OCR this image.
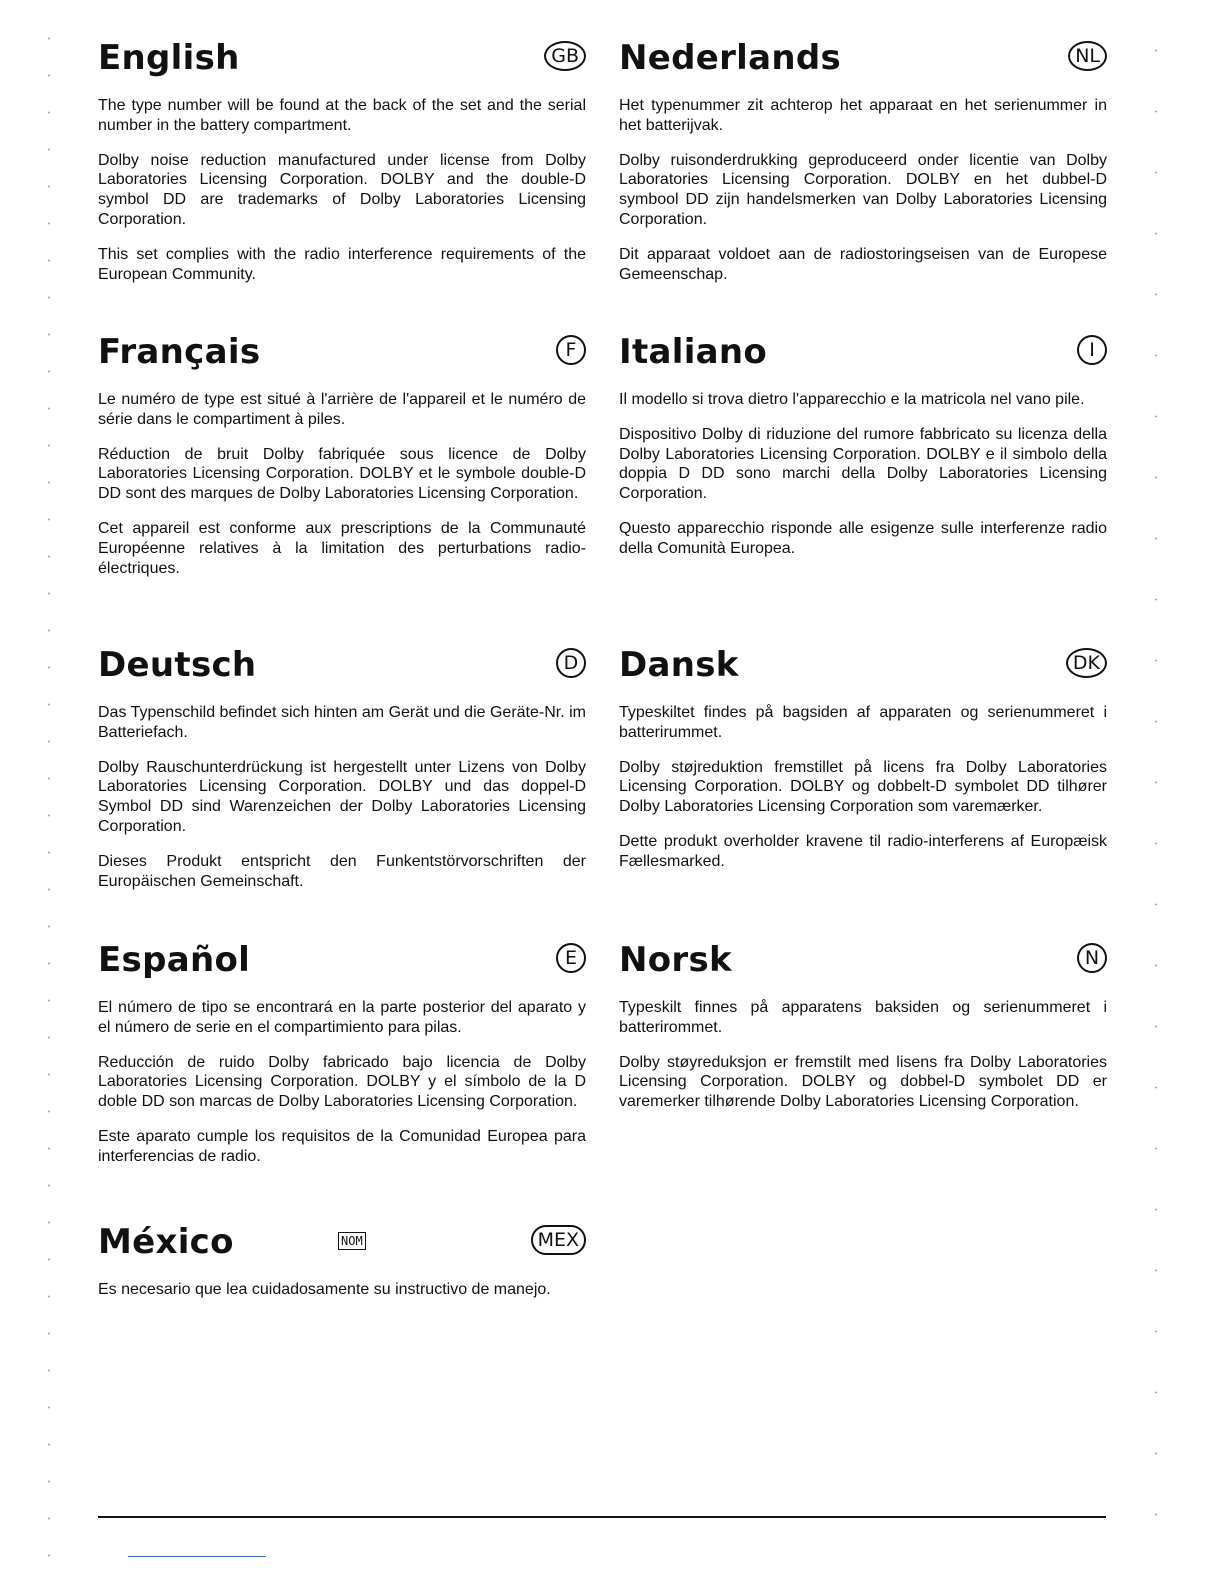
English	GB

The type number will be found at the back of the set and the serial number in the battery compartment.

Dolby noise reduction manufactured under license from Dolby Laboratories Licensing Corporation. DOLBY and the double-D symbol DD are trademarks of Dolby Laboratories Licensing Corporation.

This set complies with the radio interference requirements of the European Community.

Nederlands	NL

Het typenummer zit achterop het apparaat en het serienummer in het batterijvak.

Dolby ruisonderdrukking geproduceerd onder licentie van Dolby Laboratories Licensing Corporation. DOLBY en het dubbel-D symbool DD zijn handelsmerken van Dolby Laboratories Licensing Corporation.

Dit apparaat voldoet aan de radiostoringseisen van de Europese Gemeenschap.

Français	F

Le numéro de type est situé à l'arrière de l'appareil et le numéro de série dans le compartiment à piles.

Réduction de bruit Dolby fabriquée sous licence de Dolby Laboratories Licensing Corporation. DOLBY et le symbole double-D DD sont des marques de Dolby Laboratories Licensing Corporation.

Cet appareil est conforme aux prescriptions de la Communauté Européenne relatives à la limitation des perturbations radio-électriques.

Italiano	I

Il modello si trova dietro l'apparecchio e la matricola nel vano pile.

Dispositivo Dolby di riduzione del rumore fabbricato su licenza della Dolby Laboratories Licensing Corporation. DOLBY e il simbolo della doppia D DD sono marchi della Dolby Laboratories Licensing Corporation.

Questo apparecchio risponde alle esigenze sulle interferenze radio della Comunità Europea.

Deutsch	D

Das Typenschild befindet sich hinten am Gerät und die Geräte-Nr. im Batteriefach.

Dolby Rauschunterdrückung ist hergestellt unter Lizens von Dolby Laboratories Licensing Corporation. DOLBY und das doppel-D Symbol DD sind Warenzeichen der Dolby Laboratories Licensing Corporation.

Dieses Produkt entspricht den Funkentstörvorschriften der Europäischen Gemeinschaft.

Dansk	DK

Typeskiltet findes på bagsiden af apparaten og serienummeret i batterirummet.

Dolby støjreduktion fremstillet på licens fra Dolby Laboratories Licensing Corporation. DOLBY og dobbelt-D symbolet DD tilhører Dolby Laboratories Licensing Corporation som varemærker.

Dette produkt overholder kravene til radio-interferens af Europæisk Fællesmarked.

Español	E

El número de tipo se encontrará en la parte posterior del aparato y el número de serie en el compartimiento para pilas.

Reducción de ruido Dolby fabricado bajo licencia de Dolby Laboratories Licensing Corporation. DOLBY y el símbolo de la D doble DD son marcas de Dolby Laboratories Licensing Corporation.

Este aparato cumple los requisitos de la Comunidad Europea para interferencias de radio.

Norsk	N

Typeskilt finnes på apparatens baksiden og serienummeret i batterirommet.

Dolby støyreduksjon er fremstilt med lisens fra Dolby Laboratories Licensing Corporation. DOLBY og dobbel-D symbolet DD er varemerker tilhørende Dolby Laboratories Licensing Corporation.

México	NOM	MEX

Es necesario que lea cuidadosamente su instructivo de manejo.
